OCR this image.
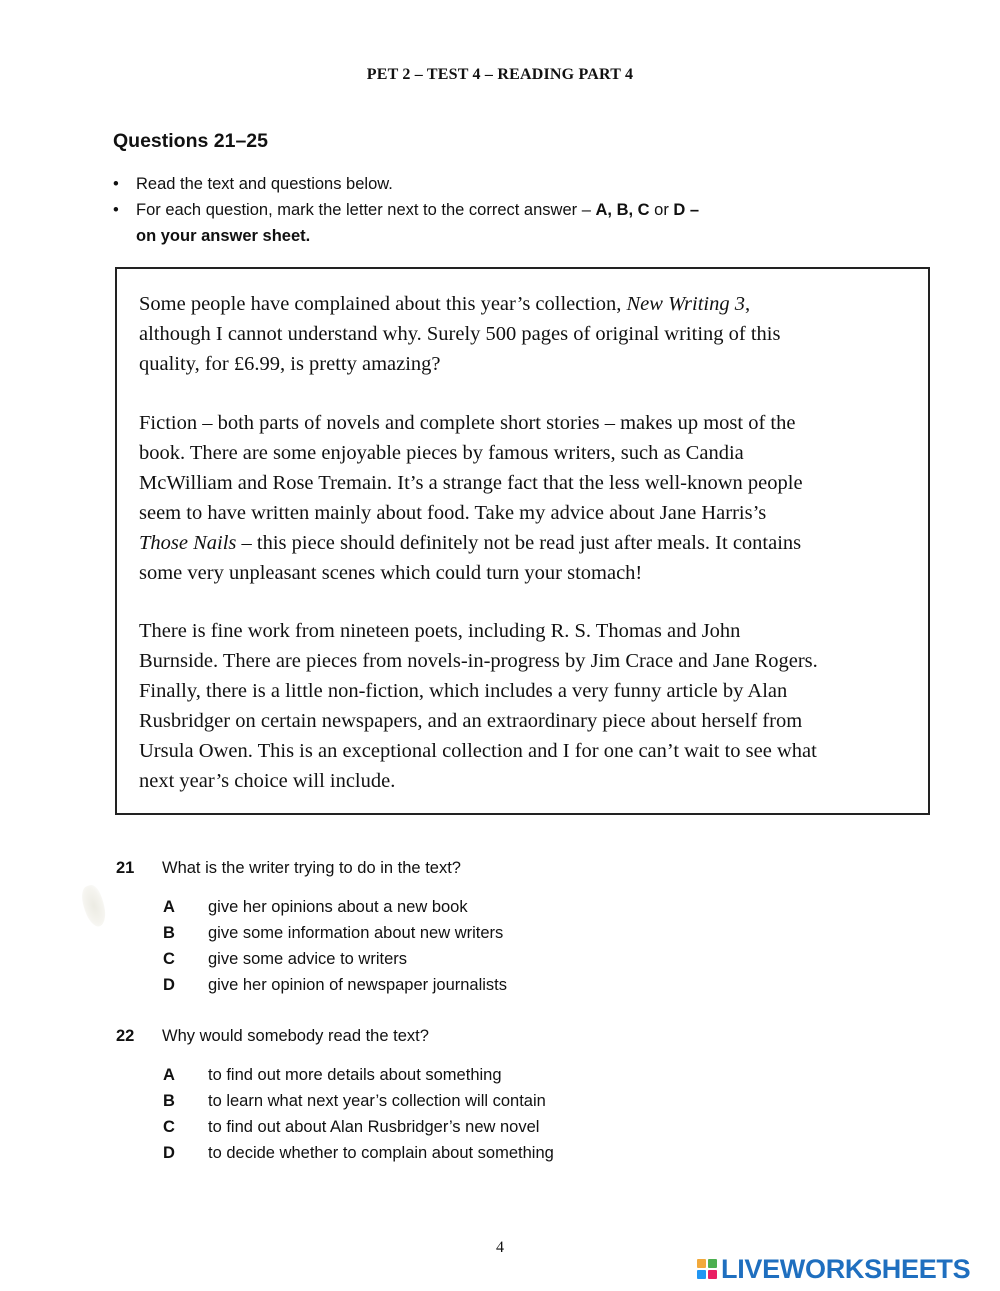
PET 2 – TEST 4 – READING PART 4
Questions 21–25
• Read the text and questions below.
• For each question, mark the letter next to the correct answer – A, B, C or D –
on your answer sheet.

Some people have complained about this year’s collection, New Writing 3,
although I cannot understand why. Surely 500 pages of original writing of this
quality, for £6.99, is pretty amazing?

Fiction – both parts of novels and complete short stories – makes up most of the
book. There are some enjoyable pieces by famous writers, such as Candia
McWilliam and Rose Tremain. It’s a strange fact that the less well-known people
seem to have written mainly about food. Take my advice about Jane Harris’s
Those Nails – this piece should definitely not be read just after meals. It contains
some very unpleasant scenes which could turn your stomach!

There is fine work from nineteen poets, including R. S. Thomas and John
Burnside. There are pieces from novels-in-progress by Jim Crace and Jane Rogers.
Finally, there is a little non-fiction, which includes a very funny article by Alan
Rusbridger on certain newspapers, and an extraordinary piece about herself from
Ursula Owen. This is an exceptional collection and I for one can’t wait to see what
next year’s choice will include.

21 What is the writer trying to do in the text?
A give her opinions about a new book
B give some information about new writers
C give some advice to writers
D give her opinion of newspaper journalists
22 Why would somebody read the text?
A to find out more details about something
B to learn what next year’s collection will contain
C to find out about Alan Rusbridger’s new novel
D to decide whether to complain about something
4
LIVEWORKSHEETS
